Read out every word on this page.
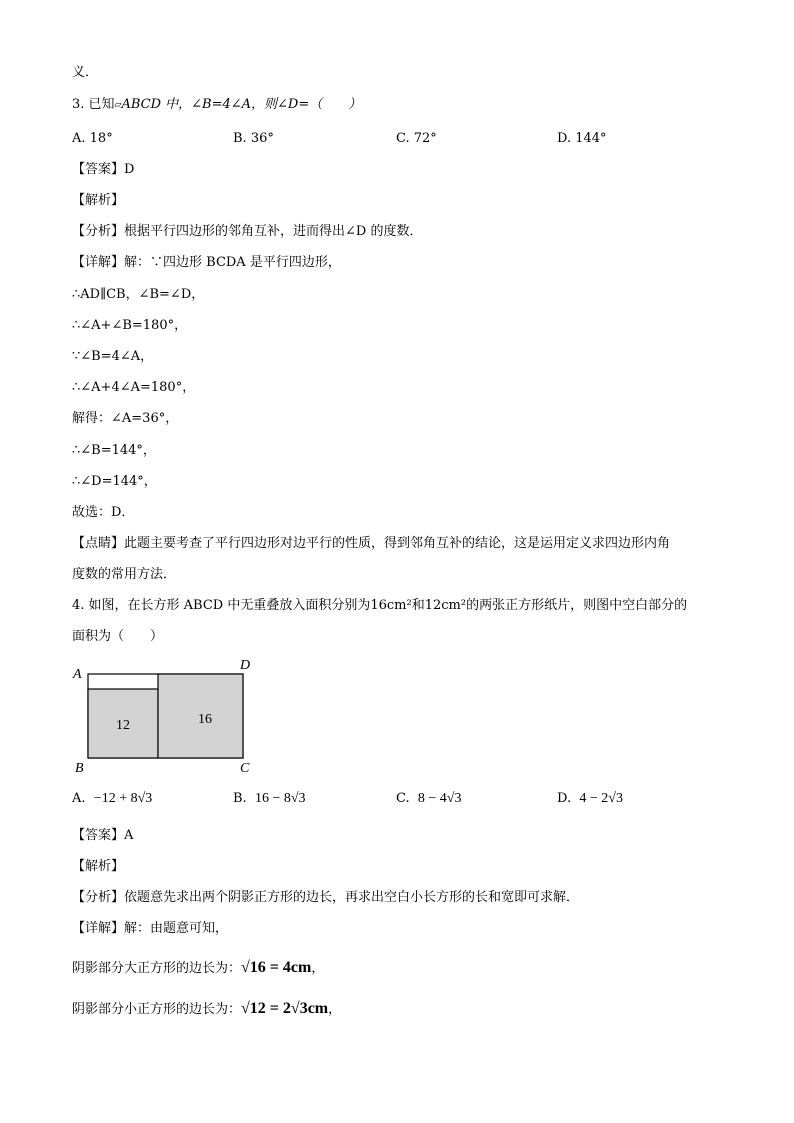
义．
3. 已知▱ABCD 中，∠B=4∠A，则∠D=（　　）
A. 18°	B. 36°	C. 72°	D. 144°
【答案】D
【解析】
【分析】根据平行四边形的邻角互补，进而得出∠D 的度数．
【详解】解：∵四边形 BCDA 是平行四边形，
∴AD∥CB，∠B=∠D，
∴∠A+∠B=180°，
∵∠B=4∠A，
∴∠A+4∠A=180°，
解得：∠A=36°，
∴∠B=144°，
∴∠D=144°，
故选：D．
【点睛】此题主要考查了平行四边形对边平行的性质，得到邻角互补的结论，这是运用定义求四边形内角
度数的常用方法．
4. 如图，在长方形 ABCD 中无重叠放入面积分别为16cm²和12cm²的两张正方形纸片，则图中空白部分的
面积为（　　）
A
D
B	C
12	16
A. −12 + 8√3	B. 16 − 8√3	C. 8 − 4√3	D. 4 − 2√3
【答案】A
【解析】
【分析】依题意先求出两个阴影正方形的边长，再求出空白小长方形的长和宽即可求解．
【详解】解：由题意可知，
阴影部分大正方形的边长为：√16 = 4cm，
阴影部分小正方形的边长为：√12 = 2√3cm，
